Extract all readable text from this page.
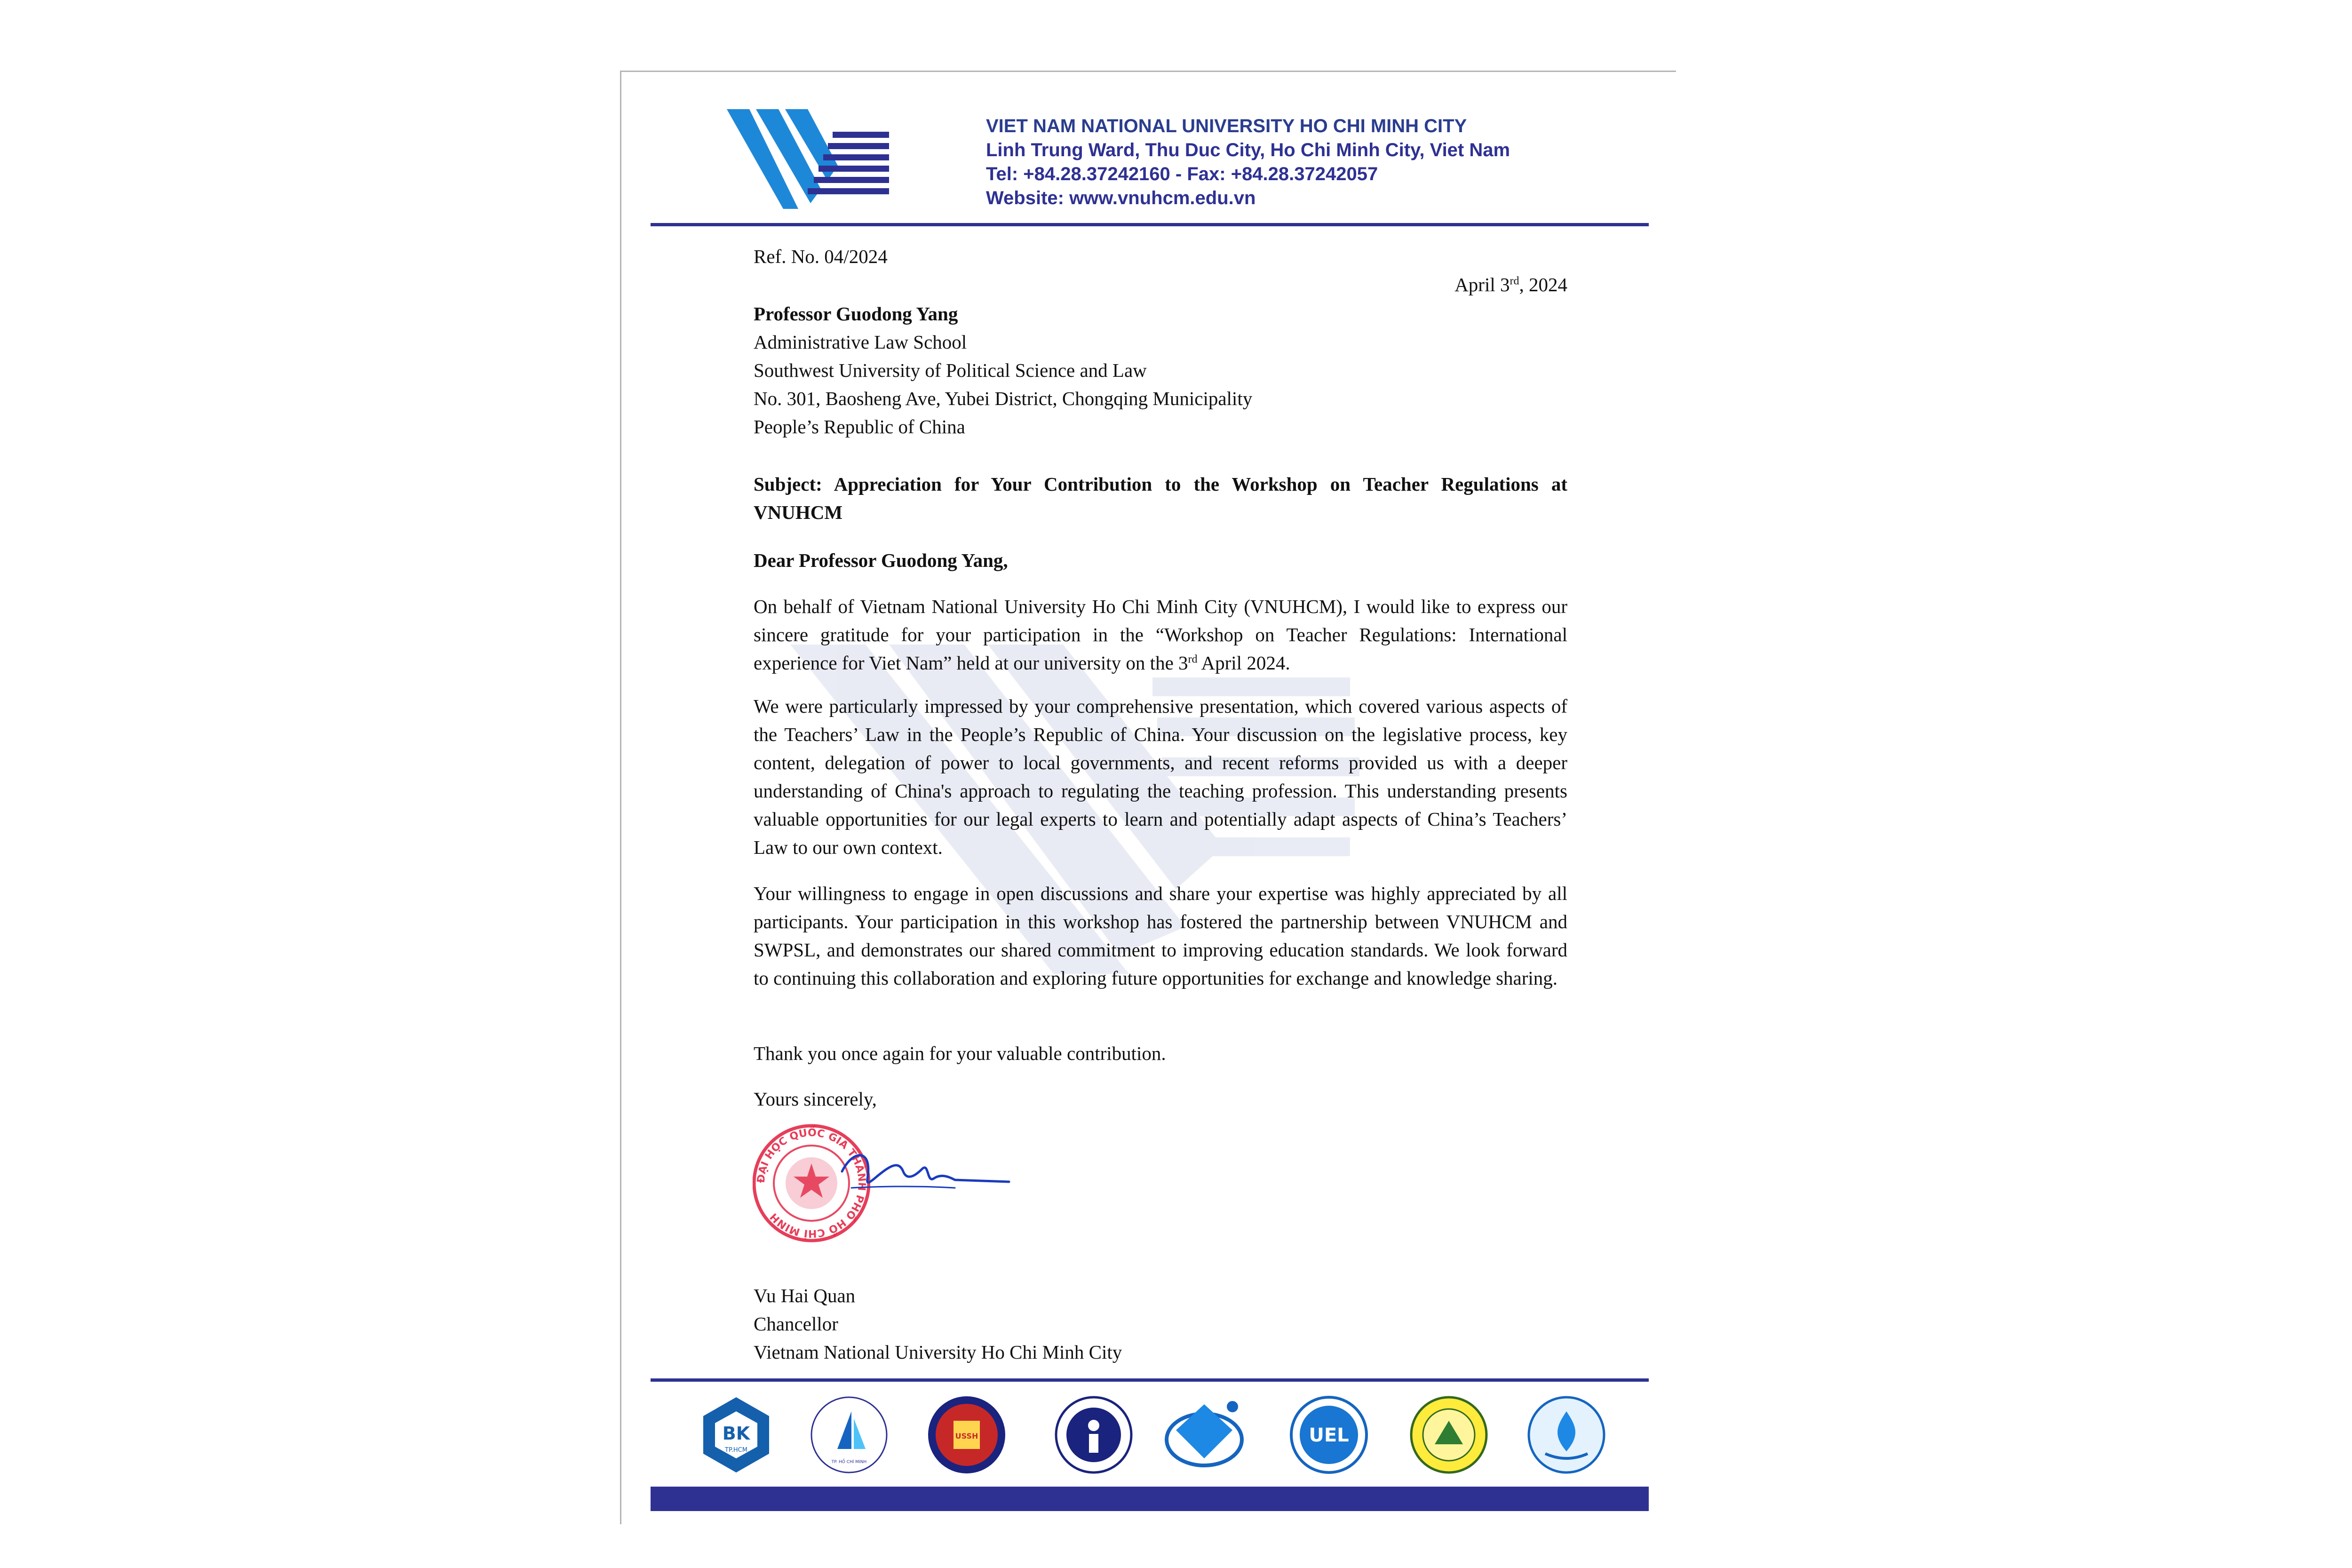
VIET NAM NATIONAL UNIVERSITY HO CHI MINH CITY
Linh Trung Ward, Thu Duc City, Ho Chi Minh City, Viet Nam
Tel: +84.28.37242160 - Fax: +84.28.37242057
Website: www.vnuhcm.edu.vn

Ref. No. 04/2024

April 3rd, 2024

Professor Guodong Yang

Administrative Law School

Southwest University of Political Science and Law

No. 301, Baosheng Ave, Yubei District, Chongqing Municipality

People’s Republic of China

Subject: Appreciation for Your Contribution to the Workshop on Teacher Regulations at
VNUHCM

Dear Professor Guodong Yang,

On behalf of Vietnam National University Ho Chi Minh City (VNUHCM), I would like to express our sincere gratitude for your participation in the “Workshop on Teacher Regulations: International experience for Viet Nam” held at our university on the 3rd April 2024.

We were particularly impressed by your comprehensive presentation, which covered various aspects of the Teachers’ Law in the People’s Republic of China. Your discussion on the legislative process, key content, delegation of power to local governments, and recent reforms provided us with a deeper understanding of China's approach to regulating the teaching profession. This understanding presents valuable opportunities for our legal experts to learn and potentially adapt aspects of China’s Teachers’ Law to our own context.

Your willingness to engage in open discussions and share your expertise was highly appreciated by all participants. Your participation in this workshop has fostered the partnership between VNUHCM and SWPSL, and demonstrates our shared commitment to improving education standards. We look forward to continuing this collaboration and exploring future opportunities for exchange and knowledge sharing.

Thank you once again for your valuable contribution.

Yours sincerely,

Vu Hai Quan

Chancellor

Vietnam National University Ho Chi Minh City

ĐẠI HỌC QUỐC GIA THÀNH PHỐ HỒ CHÍ MINH
BK
TP.HCM
TP. HỒ CHÍ MINH
USSH	UEL
